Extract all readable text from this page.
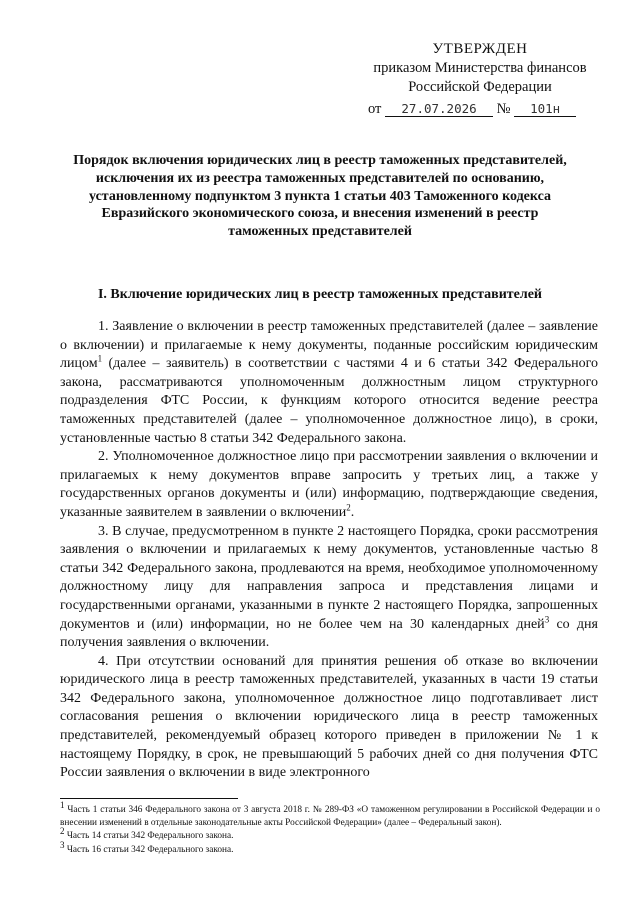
УТВЕРЖДЕН
приказом Министерства финансов
Российской Федерации
от 27.07.2026 № 101н
Порядок включения юридических лиц в реестр таможенных представителей, исключения их из реестра таможенных представителей по основанию, установленному подпунктом 3 пункта 1 статьи 403 Таможенного кодекса Евразийского экономического союза, и внесения изменений в реестр таможенных представителей
I. Включение юридических лиц в реестр таможенных представителей

1. Заявление о включении в реестр таможенных представителей (далее – заявление о включении) и прилагаемые к нему документы, поданные российским юридическим лицом$^1$ (далее – заявитель) в соответствии с частями 4 и 6 статьи 342 Федерального закона, рассматриваются уполномоченным должностным лицом структурного подразделения ФТС России, к функциям которого относится ведение реестра таможенных представителей (далее – уполномоченное должностное лицо), в сроки, установленные частью 8 статьи 342 Федерального закона.

2. Уполномоченное должностное лицо при рассмотрении заявления о включении и прилагаемых к нему документов вправе запросить у третьих лиц, а также у государственных органов документы и (или) информацию, подтверждающие сведения, указанные заявителем в заявлении о включении$^2$.

3. В случае, предусмотренном в пункте 2 настоящего Порядка, сроки рассмотрения заявления о включении и прилагаемых к нему документов, установленные частью 8 статьи 342 Федерального закона, продлеваются на время, необходимое уполномоченному должностному лицу для направления запроса и представления лицами и государственными органами, указанными в пункте 2 настоящего Порядка, запрошенных документов и (или) информации, но не более чем на 30 календарных дней$^3$ со дня получения заявления о включении.

4. При отсутствии оснований для принятия решения об отказе во включении юридического лица в реестр таможенных представителей, указанных в части 19 статьи 342 Федерального закона, уполномоченное должностное лицо подготавливает лист согласования решения о включении юридического лица в реестр таможенных представителей, рекомендуемый образец которого приведен в приложении № 1 к настоящему Порядку, в срок, не превышающий 5 рабочих дней со дня получения ФТС России заявления о включении в виде электронного

$^1$ Часть 1 статьи 346 Федерального закона от 3 августа 2018 г. № 289-ФЗ «О таможенном регулировании в Российской Федерации и о внесении изменений в отдельные законодательные акты Российской Федерации» (далее – Федеральный закон).

$^2$ Часть 14 статьи 342 Федерального закона.

$^3$ Часть 16 статьи 342 Федерального закона.
